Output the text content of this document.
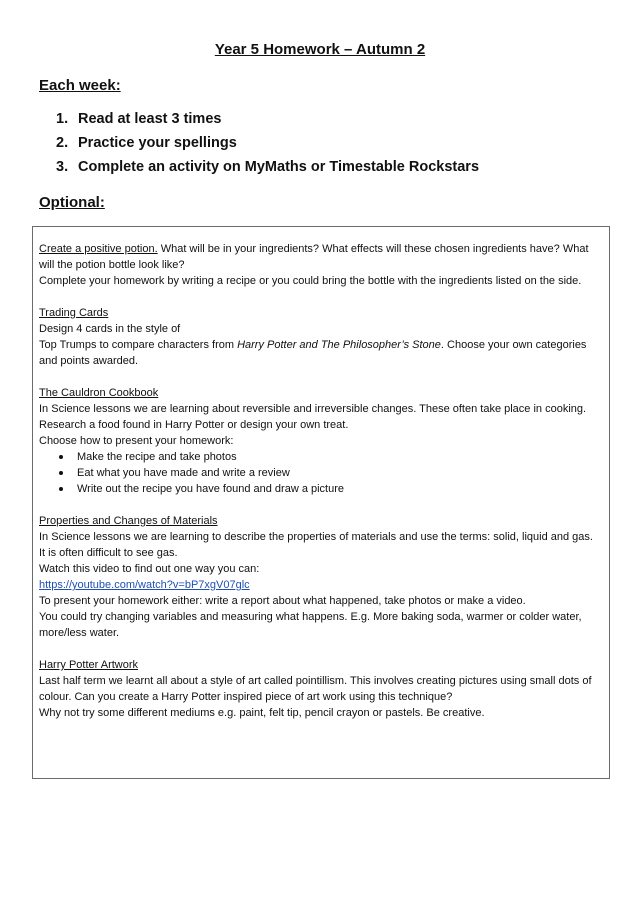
Year 5 Homework – Autumn 2
Each week:
1. Read at least 3 times
2. Practice your spellings
3. Complete an activity on MyMaths or Timestable Rockstars
Optional:

Create a positive potion. What will be in your ingredients? What effects will these chosen ingredients have? What will the potion bottle look like?

Complete your homework by writing a recipe or you could bring the bottle with the ingredients listed on the side.

Trading Cards

Design 4 cards in the style of

Top Trumps to compare characters from Harry Potter and The Philosopher’s Stone. Choose your own categories and points awarded.

The Cauldron Cookbook

In Science lessons we are learning about reversible and irreversible changes. These often take place in cooking.

Research a food found in Harry Potter or design your own treat.

Choose how to present your homework:

Make the recipe and take photos
Eat what you have made and write a review
Write out the recipe you have found and draw a picture

Properties and Changes of Materials

In Science lessons we are learning to describe the properties of materials and use the terms: solid, liquid and gas. It is often difficult to see gas.

Watch this video to find out one way you can:

https://youtube.com/watch?v=bP7xgV07glc

To present your homework either: write a report about what happened, take photos or make a video.

You could try changing variables and measuring what happens. E.g. More baking soda, warmer or colder water, more/less water.

Harry Potter Artwork

Last half term we learnt all about a style of art called pointillism. This involves creating pictures using small dots of colour. Can you create a Harry Potter inspired piece of art work using this technique?

Why not try some different mediums e.g. paint, felt tip, pencil crayon or pastels. Be creative.
